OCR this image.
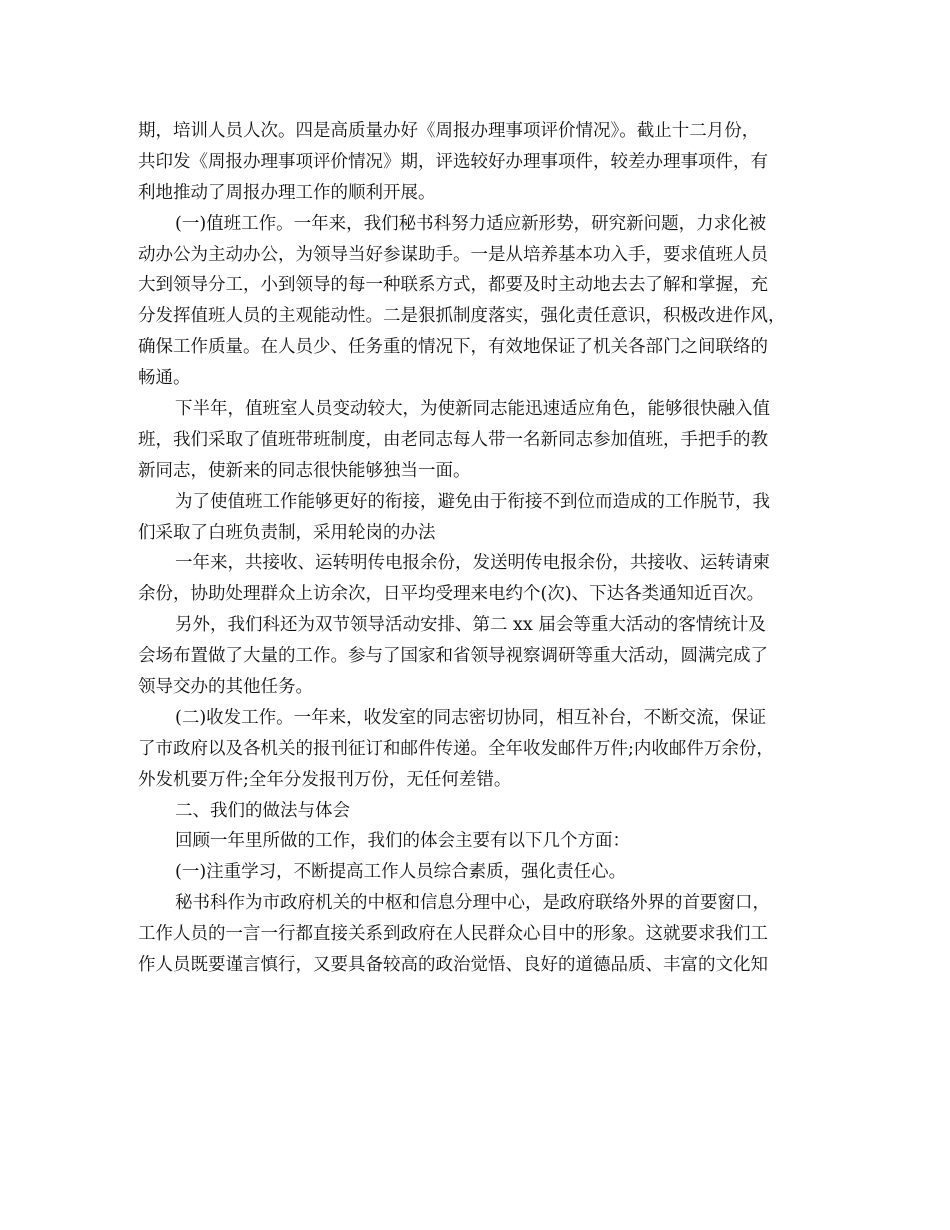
期，培训人员人次。四是高质量办好《周报办理事项评价情况》。截止十二月份，
共印发《周报办理事项评价情况》期，评选较好办理事项件，较差办理事项件，有
利地推动了周报办理工作的顺利开展。
(一)值班工作。一年来，我们秘书科努力适应新形势，研究新问题，力求化被
动办公为主动办公，为领导当好参谋助手。一是从培养基本功入手，要求值班人员
大到领导分工，小到领导的每一种联系方式，都要及时主动地去去了解和掌握，充
分发挥值班人员的主观能动性。二是狠抓制度落实，强化责任意识，积极改进作风，
确保工作质量。在人员少、任务重的情况下，有效地保证了机关各部门之间联络的
畅通。
下半年，值班室人员变动较大，为使新同志能迅速适应角色，能够很快融入值
班，我们采取了值班带班制度，由老同志每人带一名新同志参加值班，手把手的教
新同志，使新来的同志很快能够独当一面。
为了使值班工作能够更好的衔接，避免由于衔接不到位而造成的工作脱节，我
们采取了白班负责制，采用轮岗的办法
一年来，共接收、运转明传电报余份，发送明传电报余份，共接收、运转请柬
余份，协助处理群众上访余次，日平均受理来电约个(次)、下达各类通知近百次。
另外，我们科还为双节领导活动安排、第二 xx 届会等重大活动的客情统计及
会场布置做了大量的工作。参与了国家和省领导视察调研等重大活动，圆满完成了
领导交办的其他任务。
(二)收发工作。一年来，收发室的同志密切协同，相互补台，不断交流，保证
了市政府以及各机关的报刊征订和邮件传递。全年收发邮件万件;内收邮件万余份，
外发机要万件;全年分发报刊万份，无任何差错。
二、我们的做法与体会
回顾一年里所做的工作，我们的体会主要有以下几个方面：
(一)注重学习，不断提高工作人员综合素质，强化责任心。
秘书科作为市政府机关的中枢和信息分理中心，是政府联络外界的首要窗口，
工作人员的一言一行都直接关系到政府在人民群众心目中的形象。这就要求我们工
作人员既要谨言慎行，又要具备较高的政治觉悟、良好的道德品质、丰富的文化知
